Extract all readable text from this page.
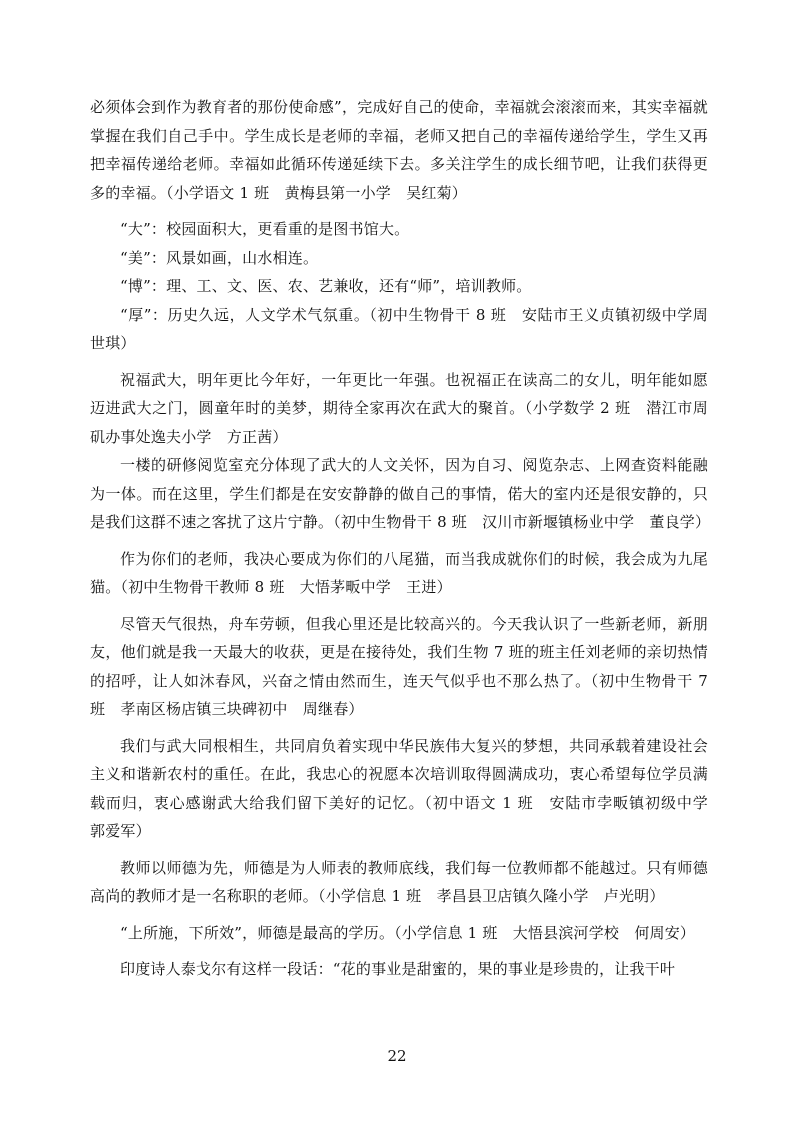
必须体会到作为教育者的那份使命感”，完成好自己的使命，幸福就会滚滚而来，其实幸福就掌握在我们自己手中。学生成长是老师的幸福，老师又把自己的幸福传递给学生，学生又再把幸福传递给老师。幸福如此循环传递延续下去。多关注学生的成长细节吧，让我们获得更多的幸福。（小学语文 1 班　黄梅县第一小学　吴红菊）

“大”：校园面积大，更看重的是图书馆大。

“美”：风景如画，山水相连。

“博”：理、工、文、医、农、艺兼收，还有“师”，培训教师。

“厚”：历史久远，人文学术气氛重。（初中生物骨干 8 班　安陆市王义贞镇初级中学周世琪）

祝福武大，明年更比今年好，一年更比一年强。也祝福正在读高二的女儿，明年能如愿迈进武大之门，圆童年时的美梦，期待全家再次在武大的聚首。（小学数学 2 班　潜江市周矶办事处逸夫小学　方正茜）

一楼的研修阅览室充分体现了武大的人文关怀，因为自习、阅览杂志、上网查资料能融为一体。而在这里，学生们都是在安安静静的做自己的事情，偌大的室内还是很安静的，只是我们这群不速之客扰了这片宁静。（初中生物骨干 8 班　汉川市新堰镇杨业中学　董良学）

作为你们的老师，我决心要成为你们的八尾猫，而当我成就你们的时候，我会成为九尾猫。（初中生物骨干教师 8 班　大悟茅畈中学　王进）

尽管天气很热，舟车劳顿，但我心里还是比较高兴的。今天我认识了一些新老师，新朋友，他们就是我一天最大的收获，更是在接待处，我们生物 7 班的班主任刘老师的亲切热情的招呼，让人如沐春风，兴奋之情由然而生，连天气似乎也不那么热了。（初中生物骨干 7 班　孝南区杨店镇三块碑初中　周继春）

我们与武大同根相生，共同肩负着实现中华民族伟大复兴的梦想，共同承载着建设社会主义和谐新农村的重任。在此，我忠心的祝愿本次培训取得圆满成功，衷心希望每位学员满载而归，衷心感谢武大给我们留下美好的记忆。（初中语文 1 班　安陆市孛畈镇初级中学　郭爱军）

教师以师德为先，师德是为人师表的教师底线，我们每一位教师都不能越过。只有师德高尚的教师才是一名称职的老师。（小学信息 1 班　孝昌县卫店镇久隆小学　卢光明）

“上所施，下所效”，师德是最高的学历。（小学信息 1 班　大悟县滨河学校　何周安）

印度诗人泰戈尔有这样一段话：“花的事业是甜蜜的，果的事业是珍贵的，让我干叶

22
